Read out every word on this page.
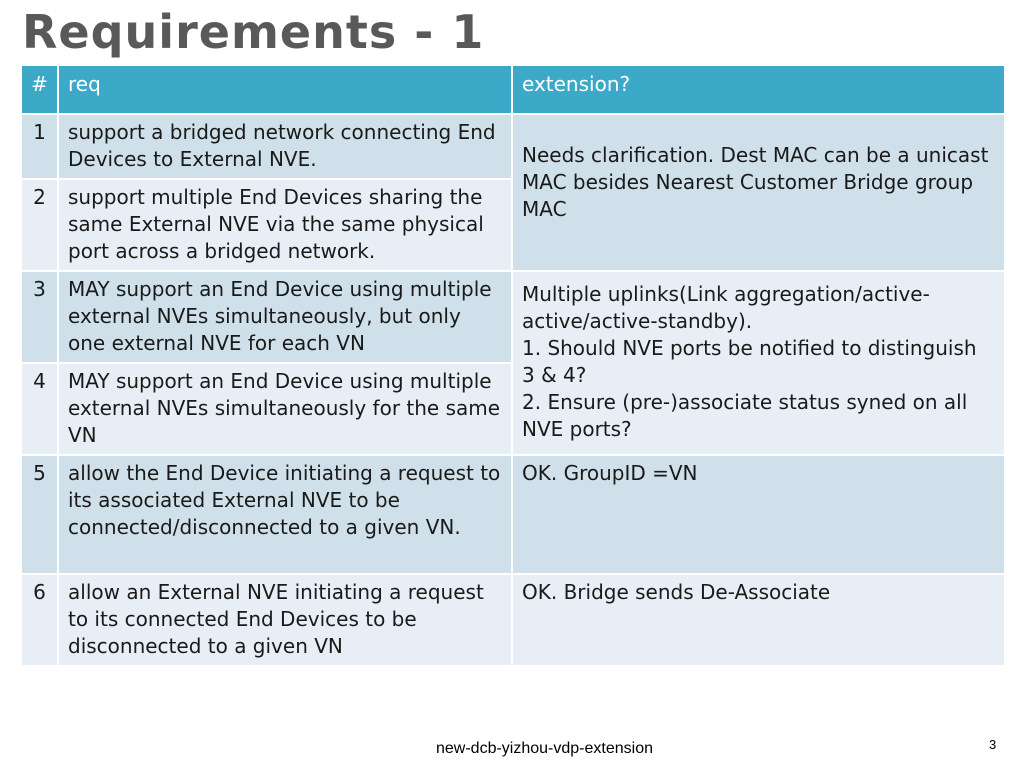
Requirements - 1
#	req	extension?
1	support a bridged network connecting End Devices to External NVE.	Needs clarification. Dest MAC can be a unicast MAC besides Nearest Customer Bridge group MAC

2	support multiple End Devices sharing the same External NVE via the same physical port across a bridged network.	
3	MAY support an End Device using multiple external NVEs simultaneously, but only one external NVE for each VN	Multiple uplinks(Link aggregation/active-active/active-standby).
1. Should NVE ports be notified to distinguish 3 & 4?
2. Ensure (pre-)associate status syned on all NVE ports?

4	MAY support an End Device using multiple external NVEs simultaneously for the same VN	
5	allow the End Device initiating a request to its associated External NVE to be connected/disconnected to a given VN.	OK. GroupID =VN
6	allow an External NVE initiating a request to its connected End Devices to be disconnected to a given VN	OK. Bridge sends De-Associate
new-dcb-yizhou-vdp-extension	3
